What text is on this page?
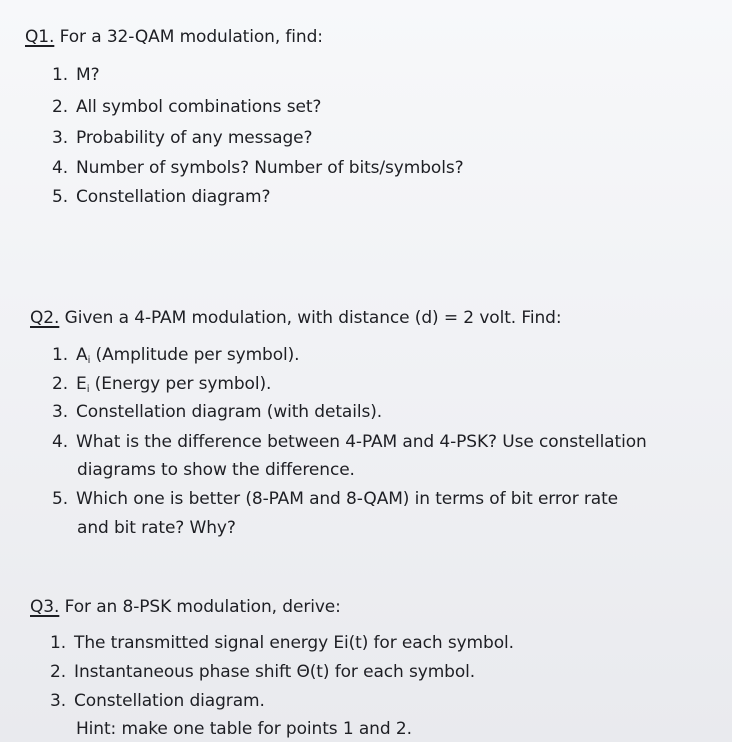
Q1. For a 32-QAM modulation, find:
1. M?
2. All symbol combinations set?
3. Probability of any message?
4. Number of symbols? Number of bits/symbols?
5. Constellation diagram?
Q2. Given a 4-PAM modulation, with distance (d) = 2 volt. Find:
1. $A_i$ (Amplitude per symbol).
2. $E_i$ (Energy per symbol).
3. Constellation diagram (with details).
4. What is the difference between 4-PAM and 4-PSK? Use constellation
diagrams to show the difference.
5. Which one is better (8-PAM and 8-QAM) in terms of bit error rate
and bit rate? Why?
Q3. For an 8-PSK modulation, derive:
1. The transmitted signal energy Ei(t) for each symbol.
2. Instantaneous phase shift Θ(t) for each symbol.
3. Constellation diagram.
Hint: make one table for points 1 and 2.
